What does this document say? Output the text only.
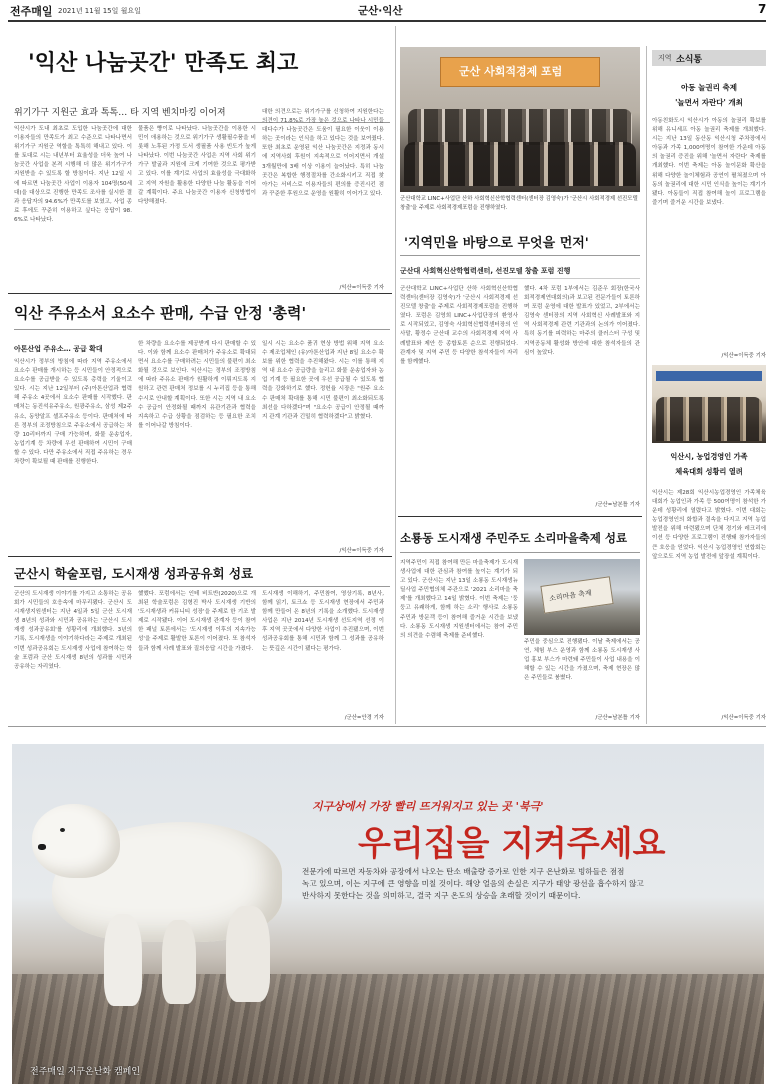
전주매일 2021년 11월 15일 월요일	군산·익산	7
'익산 나눔곳간' 만족도 최고
위기가구 지원군 효과 톡톡… 타 지역 벤치마킹 이어져
익산시가 도내 최초로 도입한 나눔곳간에 대한 이용자들의 만족도가 최고 수준으로 나타나면서 위기가구 지원군 역할을 톡톡히 해내고 있다. 이를 토대로 시는 내년부터 효율성을 더욱 높여 나눔곳간 사업을 본격 시행해 더 많은 위기가구가 지원받을 수 있도록 할 방침이다. 지난 12일 시에 따르면 나눔곳간 사업이 이용자 104명(50세대)을 대상으로 진행한 만족도 조사를 실시한 결과 응답자의 94.6%가 만족도를 보였고, 사업 종료 후에도 꾸준히 이용하고 싶다는 응답이 98.6%로 나타났다.
물품은 빵이로 나타났다. 나눔곳간을 이용한 시민이 애용하는 것으로 위기가구 생활필수품을 비롯해 노후된 가정 도서 생필품 사용 빈도가 높게 나타났다. 이번 나눔곳간 사업은 지역 사회 위기가구 발굴과 지원에 크게 기여한 것으로 평가받고 있다. 이를 계기로 사업의 효율성을 극대화하고 지역 자원을 활용한 다양한 나눔 활동을 이어갈 계획이다. 주요 나눔곳간 이용자 신청방법이 다양해졌다.
대한 의견으로는 위기가구를 신청하여 지원한다는 의견이 71.8%로 가장 높은 것으로 나타나 시민들 대다수가 나눔곳간은 도움이 필요한 이웃이 이용하는 곳이라는 인식을 하고 있다는 것을 보여줬다. 또한 최초로 운영된 익산 나눔곳간은 지정과 동시에 지역사회 후원이 지속적으로 이어지면서 개설 3개월만에 3배 이상 이용이 늘어났다. 특히 나눔곳간은 복합한 행정절차를 간소화시키고 직접 찾아가는 서비스로 이용자들의 편의를 증진시킨 점과 꾸준한 후원으로 운영을 원활히 이어가고 있다.
/익산=이득중 기자
익산 주유소서 요소수 판매, 수급 안정 '총력'
아톤산업 주유소… 공급 확대
익산시가 정부의 방침에 따라 지역 주유소에서 요소수 판매를 개시하는 등 시민들이 안정적으로 요소수를 공급받을 수 있도록 총력을 기울이고 있다. 시는 지난 12일부터 (주)아톤산업과 협력해 주유소 4곳에서 요소수 판매를 시작했다. 판매처는 동진석유주유소, 원광주유소, 삼성 제2주유소, 동양알프 셀프주유소 등이다. 판매처에 따른 정부의 조정방침으로 주유소에서 공급하는 차량 10리터까지 구매 가능하며, 화물 운송업자, 농업기계 등 차량에 우선 판매하여 시민이 구매할 수 있다. 다만 주유소에서 직접 주유하는 경우 차량이 확보될 때 판매를 진행한다.
한 차량을 요소수를 제공받게 다시 판매할 수 있다. 이와 함께 요소수 판매처가 주유소로 확대되면서 요소수를 구매하려는 시민들의 불편이 최소화될 것으로 보인다. 익산시는 정부의 조정방침에 따라 주유소 판매가 원활하게 이뤄지도록 지원하고 관련 판매처 정보를 시 누리집 등을 통해 수시로 안내할 계획이다. 또한 시는 지역 내 요소수 공급이 안정화될 때까지 유관기관과 협력을 지속하고 수급 상황을 점검하는 등 필요한 조치를 이어나갈 방침이다.
일시 시는 요소수 품귀 현상 방법 위해 지역 요소수 제조업체인 (유)아톤산업과 지난 8일 요소수 확보를 위한 협력을 추진해왔다. 시는 이를 통해 지역 내 요소수 공급량을 늘리고 화물 운송업자와 농업 기계 등 필요한 곳에 우선 공급될 수 있도록 협력을 강화하기로 했다. 정헌율 시장은 "원주 요소수 판매처 확대를 통해 시민 불편이 최소화되도록 최선을 다하겠다"며 "요소수 공급이 안정될 때까지 관계 기관과 긴밀히 협력하겠다"고 밝혔다.
/익산=이득중 기자
군산시 학술포럼, 도시재생 성과공유회 성료
군산의 도시재생 이야기를 가지고 소통하는 공유회가 시민들의 호응속에 마무리됐다. 군산시 도시재생지원센터는 지난 4일과 5일 군산 도시재생 8년의 성과와 시민과 공유하는 '군산시 도시재생 성과공유회'를 성황리에 개최했다. 3년의 기록, 도시재생을 이야기하다라는 주제로 개최된 이번 성과공유회는 도시재생 사업에 참여하는 학술 포럼과 군산 도시재생 8년의 성과를 시민과 공유하는 자리였다.
했했다. 포럼에서는 인테 비트반(2020)으로 개최된 학술포럼은 김형진 박사 도시재생 기반의 '도시재생과 커뮤니티 성장'을 주제로 한 기조 발제로 시작됐다. 이어 도시재생 관계자 등이 참여한 패널 토론에서는 '도시재생 이후의 지속가능성'을 주제로 활발한 토론이 이어졌다. 또 참석자들과 함께 사례 발표와 질의응답 시간을 가졌다.
도시재생 이해하기, 주민참여, 영상기록, 8년사, 함께 읽기, 토크쇼 등 도시재생 현장에서 주민과 함께 만들어 온 8년의 기록을 소개했다. 도시재생 사업은 지난 2014년 도시재생 선도지역 선정 이후 지역 곳곳에서 다양한 사업이 추진됐으며, 이번 성과공유회를 통해 시민과 함께 그 성과를 공유하는 뜻깊은 시간이 됐다는 평가다.
/군산=안경 기자
군산 사회적경제 포럼
군산대학교 LINC+사업단 산하 사회혁신산학협력센터(센터장 김영숙)가 '군산시 사회적경제 선진모델 창출'을 주제로 사회적경제포럼을 진행하였다.
'지역민을 바탕으로 무엇을 먼저'
군산대 사회혁신산학협력센터, 선진모델 창출 포럼 진행
군산대학교 LINC+사업단 산하 사회혁신산학협력센터(센터장 김영숙)가 '군산시 사회적경제 선진모델 창출'을 주제로 사회적경제포럼을 진행하였다. 포럼은 김영희 LINC+사업단장의 환영사로 시작되었고, 김영숙 사회혁신협력센터장의 인사말, 황정수 군산대 교수의 사회적경제 지역 사례발표와 제안 등 종합토론 순으로 진행되었다. 관계자 및 지역 주민 등 다양한 참석자들이 자리를 함께했다.
했다. 4차 포럼 1부에서는 김준우 회장(한국사회적경제연대회의)과 보고된 전문가들이 토론하며 포럼 운영에 대한 발표가 있었고, 2부에서는 김영숙 센터장의 지역 사회혁신 사례발표와 지역 사회적경제 관련 기관과의 논의가 이어졌다. 특히 동기를 피력하는 마주의 클러스터 구성 및 지역공동체 활성화 방안에 대한 참석자들의 관심이 높았다.
/군산=남본틀 기자
소룡동 도시재생 주민주도 소리마을축제 성료
지역주민이 직접 참여해 만든 마을축제가 도시재생사업에 대한 관심과 참여를 높이는 계기가 되고 있다. 군산시는 지난 13일 소룡동 도시재생뉴딜사업 주민협의체 주관으로 '2021 소리마을 축제'를 개최했다고 14일 밝혔다. 이번 축제는 '둥둥고 유쾌하게, 함께 하는 소리' 행사로 소룡동 주민과 방문객 등이 참여해 즐거운 시간을 보냈다. 소룡동 도시재생 지원센터에서는 참여 주민의 의견을 수렴해 축제를 준비했다.
소리마을 축제
주민을 중심으로 진행됐다. 이날 축제에서는 공연, 체험 부스 운영과 함께 소룡동 도시재생 사업 홍보 부스가 마련돼 주민들이 사업 내용을 이해할 수 있는 시간을 가졌으며, 축제 현장은 많은 주민들로 붐볐다.
/군산=남본틀 기자
지역 소식통
아동 놀권리 축제
'놀면서 자란다' 개최
아동친화도시 익산시가 아동의 놀권리 확보를 위해 유니세프 아동 놀권리 축제를 개최했다. 시는 지난 13일 동산동 익산시청 주차장에서 아동과 가족 1,000여명이 참여한 가운데 아동의 놀권리 증진을 위해 '놀면서 자란다' 축제를 개최했다. 이번 축제는 아동 놀이문화 확산을 위해 다양한 놀이체험과 공연이 펼쳐졌으며 아동의 놀권리에 대한 시민 인식을 높이는 계기가 됐다. 아동들이 직접 참여해 놀이 프로그램을 즐기며 즐거운 시간을 보냈다.
/익산=이득중 기자
익산시, 농업경영인 가족
체육대회 성황리 열려
익산시는 제28회 익산시농업경영인 가족체육대회가 농업인과 가족 등 500여명이 참석한 가운데 성황리에 열렸다고 밝혔다. 이번 대회는 농업경영인의 화합과 결속을 다지고 지역 농업 발전을 위해 마련됐으며 단체 경기와 레크리에이션 등 다양한 프로그램이 진행돼 참가자들의 큰 호응을 얻었다. 익산시 농업경영인 연합회는 앞으로도 지역 농업 발전에 앞장설 계획이다.
/익산=이득중 기자
지구상에서 가장 빨리 뜨거워지고 있는 곳 '북극'
우리집을 지켜주세요
전문가에 따르면 자동차와 공장에서 나오는 탄소 배출량 증가로 인한 지구 온난화로 빙하들은 점점
녹고 있으며, 이는 지구에 큰 영향을 미칠 것이다. 해양 얼음의 손실은 지구가 태양 광선을 흡수하지 않고
반사하지 못한다는 것을 의미하고, 결국 지구 온도의 상승을 초래할 것이기 때문이다.
전주매일 지구온난화 캠페인
